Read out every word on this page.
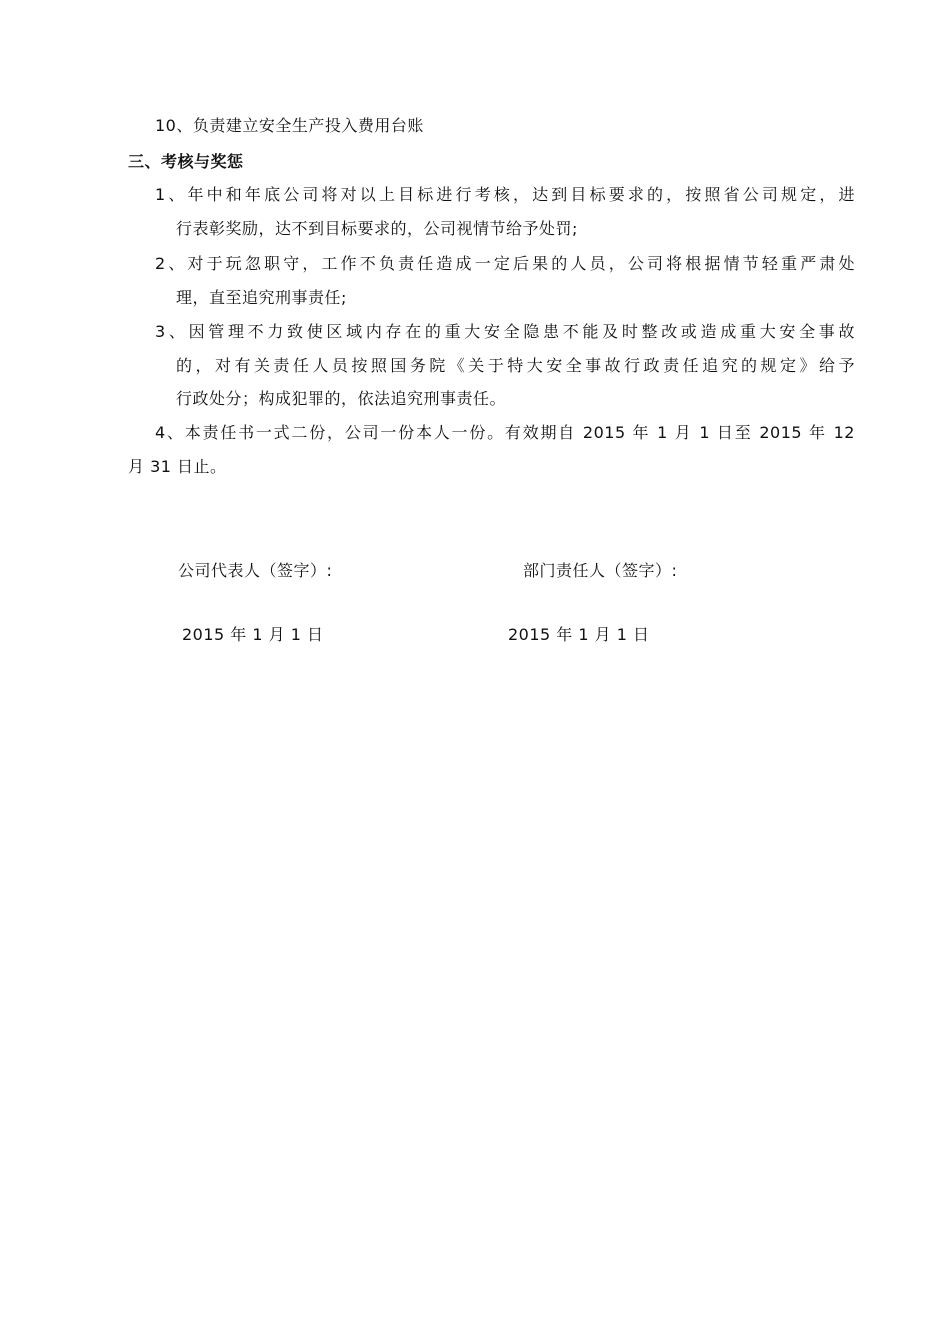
10、负责建立安全生产投入费用台账
三、考核与奖惩
1、年中和年底公司将对以上目标进行考核，达到目标要求的，按照省公司规定，进
行表彰奖励，达不到目标要求的，公司视情节给予处罚;
2、对于玩忽职守，工作不负责任造成一定后果的人员，公司将根据情节轻重严肃处
理，直至追究刑事责任;
3、因管理不力致使区域内存在的重大安全隐患不能及时整改或造成重大安全事故
的，对有关责任人员按照国务院《关于特大安全事故行政责任追究的规定》给予
行政处分；构成犯罪的，依法追究刑事责任。
4、本责任书一式二份，公司一份本人一份。有效期自 2015 年 1 月 1 日至 2015 年 12
月 31 日止。
公司代表人（签字）:	部门责任人（签字）:
2015 年 1 月 1 日	2015 年 1 月 1 日
